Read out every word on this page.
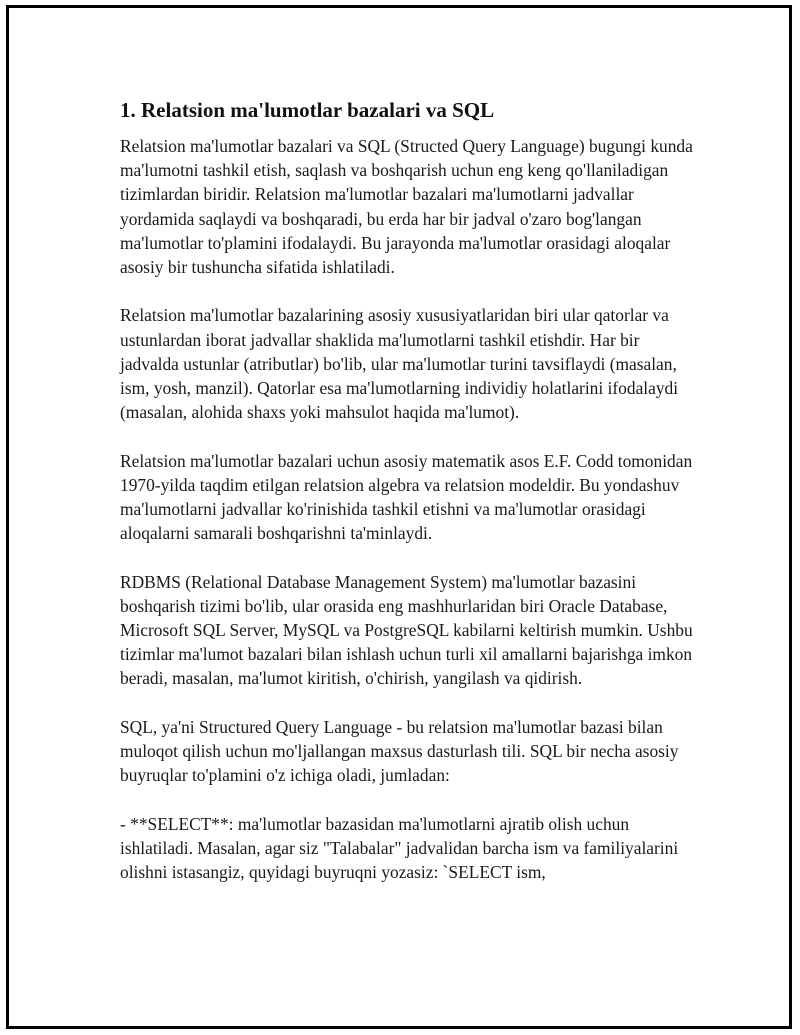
1. Relatsion ma'lumotlar bazalari va SQL

Relatsion ma'lumotlar bazalari va SQL (Structed Query Language) bugungi kunda ma'lumotni tashkil etish, saqlash va boshqarish uchun eng keng qo'llaniladigan tizimlardan biridir. Relatsion ma'lumotlar bazalari ma'lumotlarni jadvallar yordamida saqlaydi va boshqaradi, bu erda har bir jadval o'zaro bog'langan ma'lumotlar to'plamini ifodalaydi. Bu jarayonda ma'lumotlar orasidagi aloqalar asosiy bir tushuncha sifatida ishlatiladi.

Relatsion ma'lumotlar bazalarining asosiy xususiyatlaridan biri ular qatorlar va ustunlardan iborat jadvallar shaklida ma'lumotlarni tashkil etishdir. Har bir jadvalda ustunlar (atributlar) bo'lib, ular ma'lumotlar turini tavsiflaydi (masalan, ism, yosh, manzil). Qatorlar esa ma'lumotlarning individiy holatlarini ifodalaydi (masalan, alohida shaxs yoki mahsulot haqida ma'lumot).

Relatsion ma'lumotlar bazalari uchun asosiy matematik asos E.F. Codd tomonidan 1970-yilda taqdim etilgan relatsion algebra va relatsion modeldir. Bu yondashuv ma'lumotlarni jadvallar ko'rinishida tashkil etishni va ma'lumotlar orasidagi aloqalarni samarali boshqarishni ta'minlaydi.

RDBMS (Relational Database Management System) ma'lumotlar bazasini boshqarish tizimi bo'lib, ular orasida eng mashhurlaridan biri Oracle Database, Microsoft SQL Server, MySQL va PostgreSQL kabilarni keltirish mumkin. Ushbu tizimlar ma'lumot bazalari bilan ishlash uchun turli xil amallarni bajarishga imkon beradi, masalan, ma'lumot kiritish, o'chirish, yangilash va qidirish.

SQL, ya'ni Structured Query Language - bu relatsion ma'lumotlar bazasi bilan muloqot qilish uchun mo'ljallangan maxsus dasturlash tili. SQL bir necha asosiy buyruqlar to'plamini o'z ichiga oladi, jumladan:

- **SELECT**: ma'lumotlar bazasidan ma'lumotlarni ajratib olish uchun ishlatiladi. Masalan, agar siz "Talabalar" jadvalidan barcha ism va familiyalarini olishni istasangiz, quyidagi buyruqni yozasiz: `SELECT ism,
